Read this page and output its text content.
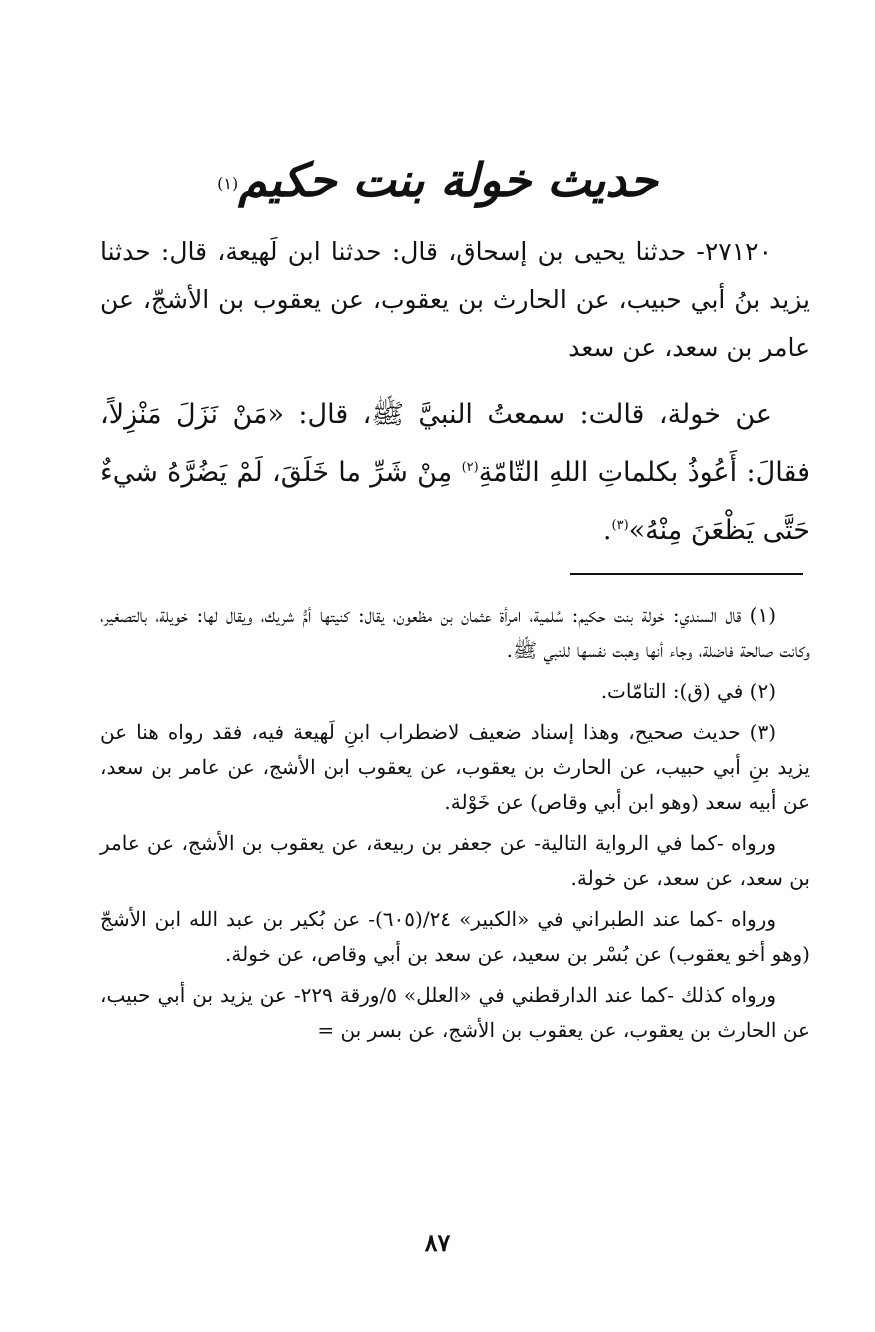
حديث خولة بنت حكيم$^{(١)}$

٢٧١٢٠- حدثنا يحيى بن إسحاق، قال: حدثنا ابن لَهيعة، قال: حدثنا يزيد بنُ أبي حبيب، عن الحارث بن يعقوب، عن يعقوب بن الأشجّ، عن عامر بن سعد، عن سعد

عن خولة، قالت: سمعتُ النبيَّ ﷺ، قال: «مَنْ نَزَلَ مَنْزِلاً، فقالَ: أَعُوذُ بكلماتِ اللهِ التّامّةِ$^{(٢)}$ مِنْ شَرِّ ما خَلَقَ، لَمْ يَضُرَّهُ شيءٌ حَتَّى يَظْعَنَ مِنْهُ»$^{(٣)}$.

(١) قال السندي: خولة بنت حكيم: سُلمية، امرأة عثمان بن مظعون، يقال: كنيتها أمُّ شريك، ويقال لها: خويلة، بالتصغير، وكانت صالحة فاضلة، وجاء أنها وهبت نفسها للنبي ﷺ.

(٢) في (ق): التامّات.

(٣) حديث صحيح، وهذا إسناد ضعيف لاضطراب ابنِ لَهيعة فيه، فقد رواه هنا عن يزيد بنِ أبي حبيب، عن الحارث بن يعقوب، عن يعقوب ابن الأشج، عن عامر بن سعد، عن أبيه سعد (وهو ابن أبي وقاص) عن خَوْلة.

ورواه -كما في الرواية التالية- عن جعفر بن ربيعة، عن يعقوب بن الأشج، عن عامر بن سعد، عن سعد، عن خولة.

ورواه -كما عند الطبراني في «الكبير» ٢٤/(٦٠٥)- عن بُكير بن عبد الله ابن الأشجّ (وهو أخو يعقوب) عن بُسْر بن سعيد، عن سعد بن أبي وقاص، عن خولة.

ورواه كذلك -كما عند الدارقطني في «العلل» ٥/ورقة ٢٢٩- عن يزيد بن أبي حبيب، عن الحارث بن يعقوب، عن يعقوب بن الأشج، عن بسر بن =

٨٧
